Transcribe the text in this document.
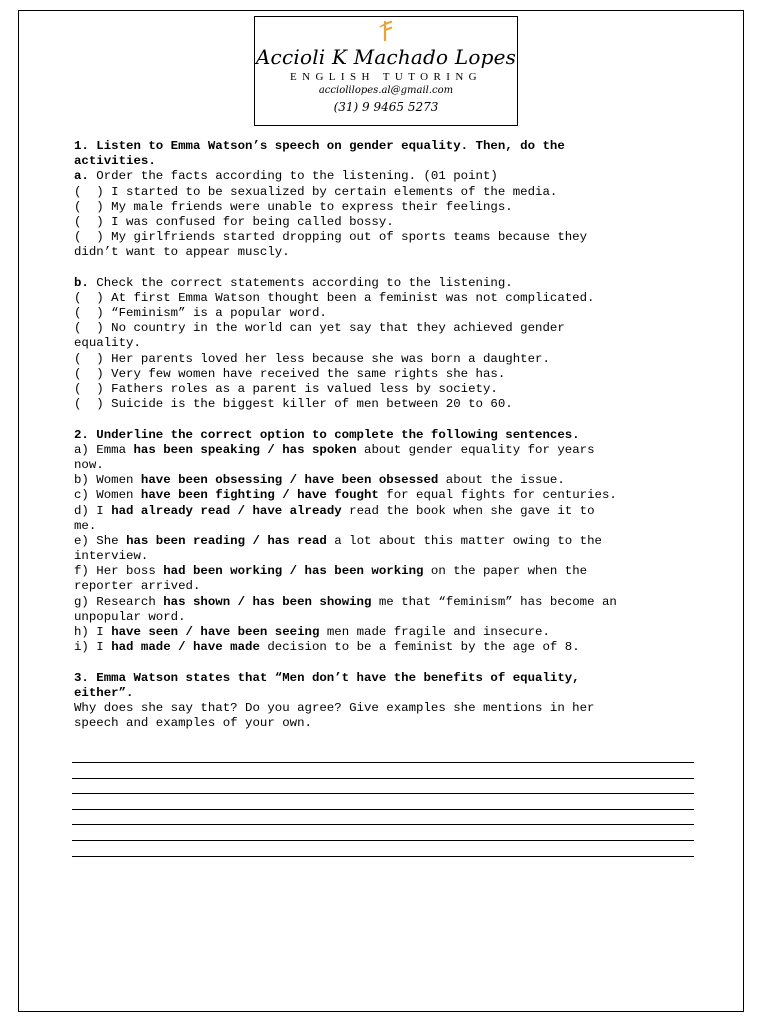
Accioli K Machado Lopes
ENGLISH TUTORING
acciolilopes.al@gmail.com
(31) 9 9465 5273
1. Listen to Emma Watson’s speech on gender equality. Then, do the
activities.
a. Order the facts according to the listening. (01 point)
(  ) I started to be sexualized by certain elements of the media.
(  ) My male friends were unable to express their feelings.
(  ) I was confused for being called bossy.
(  ) My girlfriends started dropping out of sports teams because they
didn’t want to appear muscly.
b. Check the correct statements according to the listening.
(  ) At first Emma Watson thought been a feminist was not complicated.
(  ) “Feminism” is a popular word.
(  ) No country in the world can yet say that they achieved gender
equality.
(  ) Her parents loved her less because she was born a daughter.
(  ) Very few women have received the same rights she has.
(  ) Fathers roles as a parent is valued less by society.
(  ) Suicide is the biggest killer of men between 20 to 60.
2. Underline the correct option to complete the following sentences.
a) Emma has been speaking / has spoken about gender equality for years
now.
b) Women have been obsessing / have been obsessed about the issue.
c) Women have been fighting / have fought for equal fights for centuries.
d) I had already read / have already read the book when she gave it to
me.
e) She has been reading / has read a lot about this matter owing to the
interview.
f) Her boss had been working / has been working on the paper when the
reporter arrived.
g) Research has shown / has been showing me that “feminism” has become an
unpopular word.
h) I have seen / have been seeing men made fragile and insecure.
i) I had made / have made decision to be a feminist by the age of 8.
3. Emma Watson states that “Men don’t have the benefits of equality,
either”.
Why does she say that? Do you agree? Give examples she mentions in her
speech and examples of your own.
